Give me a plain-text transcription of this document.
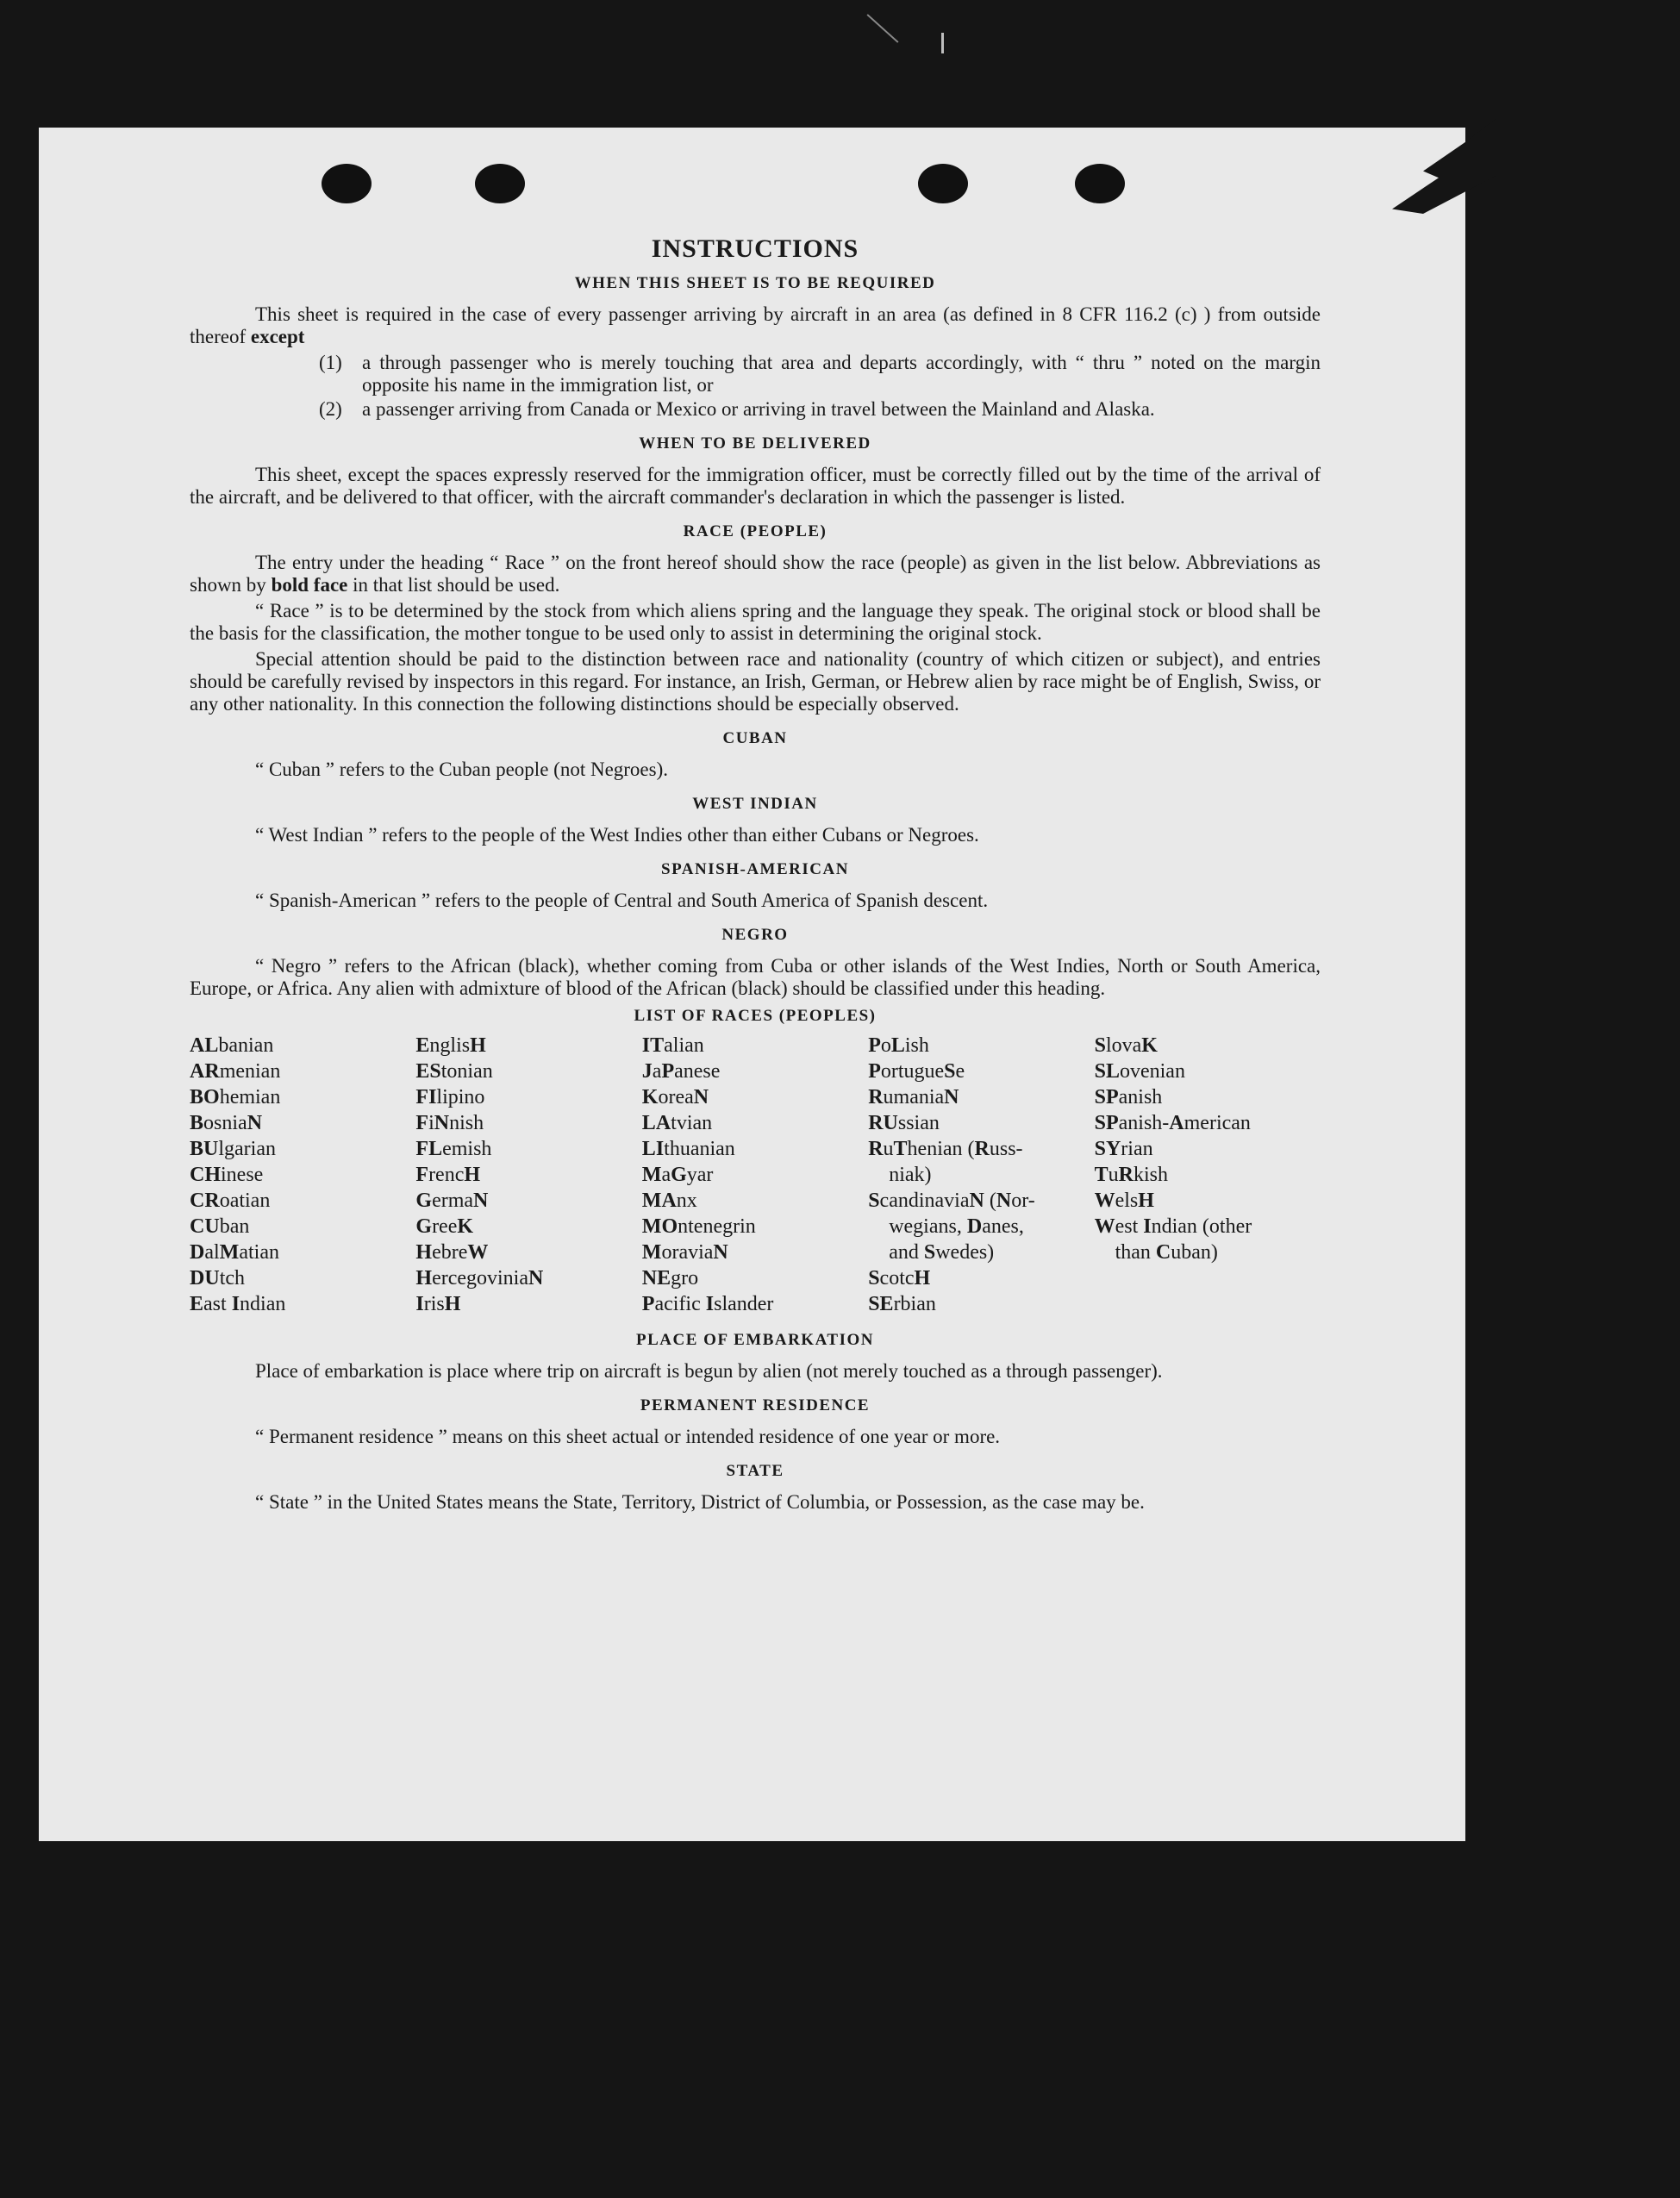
INSTRUCTIONS
WHEN THIS SHEET IS TO BE REQUIRED

This sheet is required in the case of every passenger arriving by aircraft in an area (as defined in 8 CFR 116.2 (c) ) from outside thereof except

(1)	a through passenger who is merely touching that area and departs accordingly, with “ thru ” noted on the margin opposite his name in the immigration list, or
(2)	a passenger arriving from Canada or Mexico or arriving in travel between the Mainland and Alaska.
WHEN TO BE DELIVERED

This sheet, except the spaces expressly reserved for the immigration officer, must be correctly filled out by the time of the arrival of the aircraft, and be delivered to that officer, with the aircraft commander's declaration in which the passenger is listed.

RACE (PEOPLE)

The entry under the heading “ Race ” on the front hereof should show the race (people) as given in the list below. Abbreviations as shown by bold face in that list should be used.

“ Race ” is to be determined by the stock from which aliens spring and the language they speak. The original stock or blood shall be the basis for the classification, the mother tongue to be used only to assist in determining the original stock.

Special attention should be paid to the distinction between race and nationality (country of which citizen or subject), and entries should be carefully revised by inspectors in this regard. For instance, an Irish, German, or Hebrew alien by race might be of English, Swiss, or any other nationality. In this connection the following distinctions should be especially observed.

CUBAN

“ Cuban ” refers to the Cuban people (not Negroes).

WEST INDIAN

“ West Indian ” refers to the people of the West Indies other than either Cubans or Negroes.

SPANISH-AMERICAN

“ Spanish-American ” refers to the people of Central and South America of Spanish descent.

NEGRO

“ Negro ” refers to the African (black), whether coming from Cuba or other islands of the West Indies, North or South America, Europe, or Africa. Any alien with admixture of blood of the African (black) should be classified under this heading.

LIST OF RACES (PEOPLES)
ALbanian
ARmenian
BOhemian
BosniaN
BUlgarian
CHinese
CRoatian
CUban
DalMatian
DUtch
East Indian
EnglisH
EStonian
FIlipino
FiNnish
FLemish
FrencH
GermaN
GreeK
HebreW
HercegoviniaN
IrisH
ITalian
JaPanese
KoreaN
LAtvian
LIthuanian
MaGyar
MAnx
MOntenegrin
MoraviaN
NEgro
Pacific Islander
PoLish
PortugueSe
RumaniaN
RUssian
RuThenian (Russ-
niak)
ScandinaviaN (Nor-
wegians, Danes,
and Swedes)
ScotcH
SErbian
SlovaK
SLovenian
SPanish
SPanish-American
SYrian
TuRkish
WelsH
West Indian (other
than Cuban)
PLACE OF EMBARKATION

Place of embarkation is place where trip on aircraft is begun by alien (not merely touched as a through passenger).

PERMANENT RESIDENCE

“ Permanent residence ” means on this sheet actual or intended residence of one year or more.

STATE

“ State ” in the United States means the State, Territory, District of Columbia, or Possession, as the case may be.
